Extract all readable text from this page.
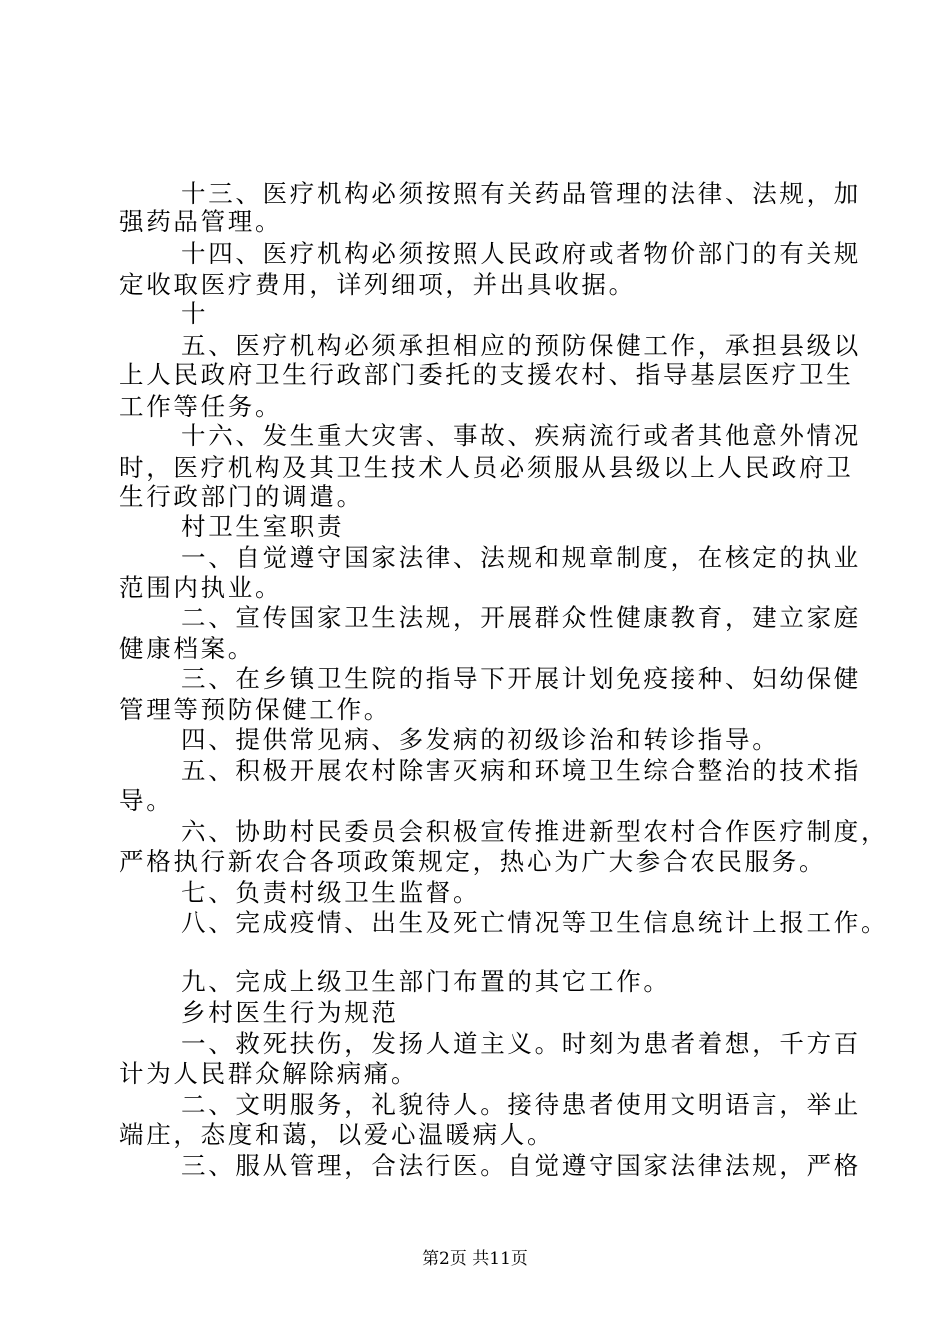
十三、医疗机构必须按照有关药品管理的法律、法规，加
强药品管理。
十四、医疗机构必须按照人民政府或者物价部门的有关规
定收取医疗费用，详列细项，并出具收据。
十
五、医疗机构必须承担相应的预防保健工作，承担县级以
上人民政府卫生行政部门委托的支援农村、指导基层医疗卫生
工作等任务。
十六、发生重大灾害、事故、疾病流行或者其他意外情况
时，医疗机构及其卫生技术人员必须服从县级以上人民政府卫
生行政部门的调遣。
村卫生室职责
一、自觉遵守国家法律、法规和规章制度，在核定的执业
范围内执业。
二、宣传国家卫生法规，开展群众性健康教育，建立家庭
健康档案。
三、在乡镇卫生院的指导下开展计划免疫接种、妇幼保健
管理等预防保健工作。
四、提供常见病、多发病的初级诊治和转诊指导。
五、积极开展农村除害灭病和环境卫生综合整治的技术指
导。
六、协助村民委员会积极宣传推进新型农村合作医疗制度，
严格执行新农合各项政策规定，热心为广大参合农民服务。
七、负责村级卫生监督。
八、完成疫情、出生及死亡情况等卫生信息统计上报工作。
九、完成上级卫生部门布置的其它工作。
乡村医生行为规范
一、救死扶伤，发扬人道主义。时刻为患者着想，千方百
计为人民群众解除病痛。
二、文明服务，礼貌待人。接待患者使用文明语言，举止
端庄，态度和蔼，以爱心温暖病人。
三、服从管理，合法行医。自觉遵守国家法律法规，严格
第2页 共11页
